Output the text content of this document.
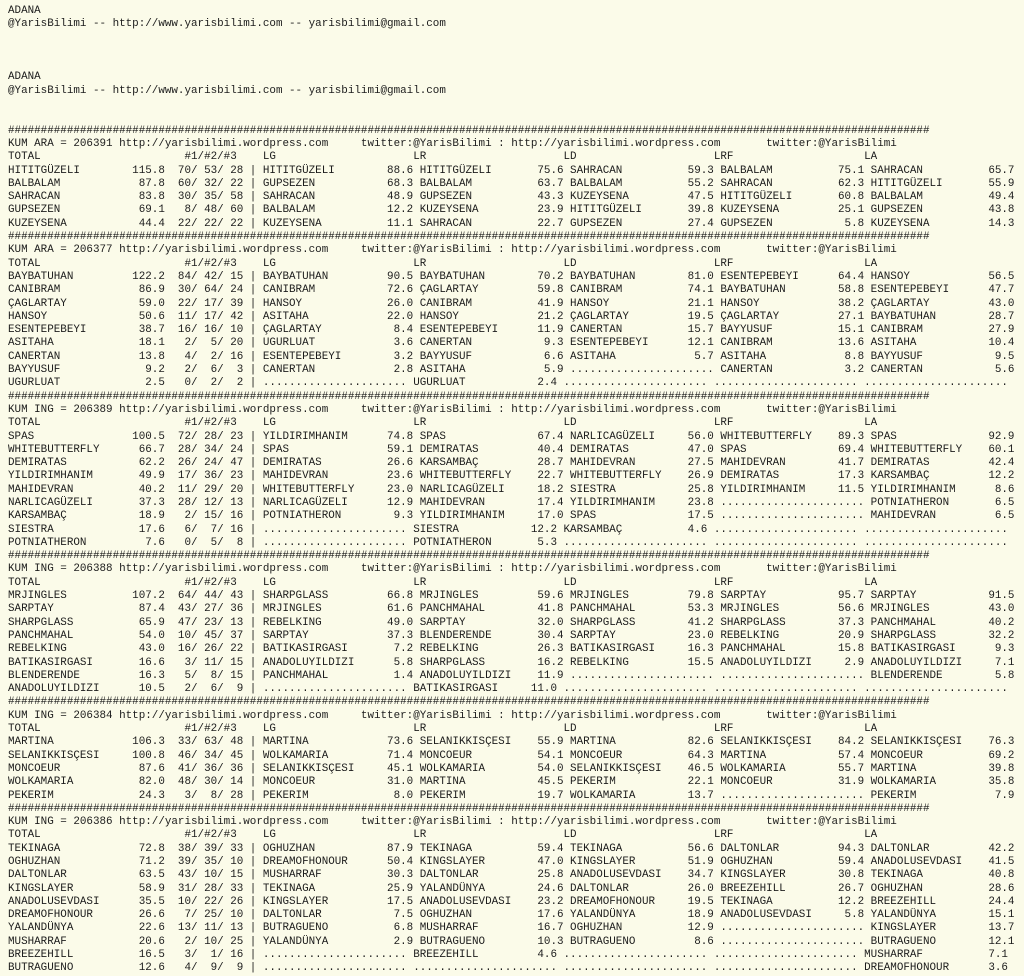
ADANA
@YarisBilimi -- http://www.yarisbilimi.com -- yarisbilimi@gmail.com

ADANA
@YarisBilimi -- http://www.yarisbilimi.com -- yarisbilimi@gmail.com

#############################################################################################################################################
KUM ARA = 206391 http://yarisbilimi.wordpress.com     twitter:@YarisBilimi : http://yarisbilimi.wordpress.com       twitter:@YarisBilimi
TOTAL                      #1/#2/#3    LG                     LR                     LD                     LRF                    LA
HITITGÜZELI        115.8  70/ 53/ 28 | HITITGÜZELI        88.6 HITITGÜZELI       75.6 SAHRACAN          59.3 BALBALAM          75.1 SAHRACAN          65.7
BALBALAM            87.8  60/ 32/ 22 | GUPSEZEN           68.3 BALBALAM          63.7 BALBALAM          55.2 SAHRACAN          62.3 HITITGÜZELI       55.9
SAHRACAN            83.8  30/ 35/ 58 | SAHRACAN           48.9 GUPSEZEN          43.3 KUZEYSENA         47.5 HITITGÜZELI       60.8 BALBALAM          49.4
GUPSEZEN            69.1   8/ 48/ 60 | BALBALAM           12.2 KUZEYSENA         23.9 HITITGÜZELI       39.8 KUZEYSENA         25.1 GUPSEZEN          43.8
KUZEYSENA           44.4  22/ 22/ 22 | KUZEYSENA          11.1 SAHRACAN          22.7 GUPSEZEN          27.4 GUPSEZEN           5.8 KUZEYSENA         14.3
#############################################################################################################################################
KUM ARA = 206377 http://yarisbilimi.wordpress.com     twitter:@YarisBilimi : http://yarisbilimi.wordpress.com       twitter:@YarisBilimi
TOTAL                      #1/#2/#3    LG                     LR                     LD                     LRF                    LA
BAYBATUHAN         122.2  84/ 42/ 15 | BAYBATUHAN         90.5 BAYBATUHAN        70.2 BAYBATUHAN        81.0 ESENTEPEBEYI      64.4 HANSOY            56.5
CANIBRAM            86.9  30/ 64/ 24 | CANIBRAM           72.6 ÇAGLARTAY         59.8 CANIBRAM          74.1 BAYBATUHAN        58.8 ESENTEPEBEYI      47.7
ÇAGLARTAY           59.0  22/ 17/ 39 | HANSOY             26.0 CANIBRAM          41.9 HANSOY            21.1 HANSOY            38.2 ÇAGLARTAY         43.0
HANSOY              50.6  11/ 17/ 42 | ASITAHA            22.0 HANSOY            21.2 ÇAGLARTAY         19.5 ÇAGLARTAY         27.1 BAYBATUHAN        28.7
ESENTEPEBEYI        38.7  16/ 16/ 10 | ÇAGLARTAY           8.4 ESENTEPEBEYI      11.9 CANERTAN          15.7 BAYYUSUF          15.1 CANIBRAM          27.9
ASITAHA             18.1   2/  5/ 20 | UGURLUAT            3.6 CANERTAN           9.3 ESENTEPEBEYI      12.1 CANIBRAM          13.6 ASITAHA           10.4
CANERTAN            13.8   4/  2/ 16 | ESENTEPEBEYI        3.2 BAYYUSUF           6.6 ASITAHA            5.7 ASITAHA            8.8 BAYYUSUF           9.5
BAYYUSUF             9.2   2/  6/  3 | CANERTAN            2.8 ASITAHA            5.9 ...................... CANERTAN           3.2 CANERTAN           5.6
UGURLUAT             2.5   0/  2/  2 | ...................... UGURLUAT           2.4 ...................... ...................... ......................
#############################################################################################################################################
KUM ING = 206389 http://yarisbilimi.wordpress.com     twitter:@YarisBilimi : http://yarisbilimi.wordpress.com       twitter:@YarisBilimi
TOTAL                      #1/#2/#3    LG                     LR                     LD                     LRF                    LA
SPAS               100.5  72/ 28/ 23 | YILDIRIMHANIM      74.8 SPAS              67.4 NARLICAGÜZELI     56.0 WHITEBUTTERFLY    89.3 SPAS              92.9
WHITEBUTTERFLY      66.7  28/ 34/ 24 | SPAS               59.1 DEMIRATAS         40.4 DEMIRATAS         47.0 SPAS              69.4 WHITEBUTTERFLY    60.1
DEMIRATAS           62.2  26/ 24/ 47 | DEMIRATAS          26.6 KARSAMBAÇ         28.7 MAHIDEVRAN        27.5 MAHIDEVRAN        41.7 DEMIRATAS         42.4
YILDIRIMHANIM       49.9  17/ 36/ 23 | MAHIDEVRAN         23.6 WHITEBUTTERFLY    22.7 WHITEBUTTERFLY    26.9 DEMIRATAS         17.3 KARSAMBAÇ         12.2
MAHIDEVRAN          40.2  11/ 29/ 20 | WHITEBUTTERFLY     23.0 NARLICAGÜZELI     18.2 SIESTRA           25.8 YILDIRIMHANIM     11.5 YILDIRIMHANIM      8.6
NARLICAGÜZELI       37.3  28/ 12/ 13 | NARLICAGÜZELI      12.9 MAHIDEVRAN        17.4 YILDIRIMHANIM     23.8 ...................... POTNIATHERON       6.5
KARSAMBAÇ           18.9   2/ 15/ 16 | POTNIATHERON        9.3 YILDIRIMHANIM     17.0 SPAS              17.5 ...................... MAHIDEVRAN         6.5
SIESTRA             17.6   6/  7/ 16 | ...................... SIESTRA           12.2 KARSAMBAÇ          4.6 ...................... ......................
POTNIATHERON         7.6   0/  5/  8 | ...................... POTNIATHERON       5.3 ...................... ...................... ......................
#############################################################################################################################################
KUM ING = 206388 http://yarisbilimi.wordpress.com     twitter:@YarisBilimi : http://yarisbilimi.wordpress.com       twitter:@YarisBilimi
TOTAL                      #1/#2/#3    LG                     LR                     LD                     LRF                    LA
MRJINGLES          107.2  64/ 44/ 43 | SHARPGLASS         66.8 MRJINGLES         59.6 MRJINGLES         79.8 SARPTAY           95.7 SARPTAY           91.5
SARPTAY             87.4  43/ 27/ 36 | MRJINGLES          61.6 PANCHMAHAL        41.8 PANCHMAHAL        53.3 MRJINGLES         56.6 MRJINGLES         43.0
SHARPGLASS          65.9  47/ 23/ 13 | REBELKING          49.0 SARPTAY           32.0 SHARPGLASS        41.2 SHARPGLASS        37.3 PANCHMAHAL        40.2
PANCHMAHAL          54.0  10/ 45/ 37 | SARPTAY            37.3 BLENDERENDE       30.4 SARPTAY           23.0 REBELKING         20.9 SHARPGLASS        32.2
REBELKING           43.0  16/ 26/ 22 | BATIKASIRGASI       7.2 REBELKING         26.3 BATIKASIRGASI     16.3 PANCHMAHAL        15.8 BATIKASIRGASI      9.3
BATIKASIRGASI       16.6   3/ 11/ 15 | ANADOLUYILDIZI      5.8 SHARPGLASS        16.2 REBELKING         15.5 ANADOLUYILDIZI     2.9 ANADOLUYILDIZI     7.1
BLENDERENDE         16.3   5/  8/ 15 | PANCHMAHAL          1.4 ANADOLUYILDIZI    11.9 ...................... ...................... BLENDERENDE        5.8
ANADOLUYILDIZI      10.5   2/  6/  9 | ...................... BATIKASIRGASI     11.0 ...................... ...................... ......................
#############################################################################################################################################
KUM ING = 206384 http://yarisbilimi.wordpress.com     twitter:@YarisBilimi : http://yarisbilimi.wordpress.com       twitter:@YarisBilimi
TOTAL                      #1/#2/#3    LG                     LR                     LD                     LRF                    LA
MARTINA            106.3  33/ 63/ 48 | MARTINA            73.6 SELANIKKISÇESI    55.9 MARTINA           82.6 SELANIKKISÇESI    84.2 SELANIKKISÇESI    76.3
SELANIKKISÇESI     100.8  46/ 34/ 45 | WOLKAMARIA         71.4 MONCOEUR          54.1 MONCOEUR          64.3 MARTINA           57.4 MONCOEUR          69.2
MONCOEUR            87.6  41/ 36/ 36 | SELANIKKISÇESI     45.1 WOLKAMARIA        54.0 SELANIKKISÇESI    46.5 WOLKAMARIA        55.7 MARTINA           39.8
WOLKAMARIA          82.0  48/ 30/ 14 | MONCOEUR           31.0 MARTINA           45.5 PEKERIM           22.1 MONCOEUR          31.9 WOLKAMARIA        35.8
PEKERIM             24.3   3/  8/ 28 | PEKERIM             8.0 PEKERIM           19.7 WOLKAMARIA        13.7 ...................... PEKERIM            7.9
#############################################################################################################################################
KUM ING = 206386 http://yarisbilimi.wordpress.com     twitter:@YarisBilimi : http://yarisbilimi.wordpress.com       twitter:@YarisBilimi
TOTAL                      #1/#2/#3    LG                     LR                     LD                     LRF                    LA
TEKINAGA            72.8  38/ 39/ 33 | OGHUZHAN           87.9 TEKINAGA          59.4 TEKINAGA          56.6 DALTONLAR         94.3 DALTONLAR         42.2
OGHUZHAN            71.2  39/ 35/ 10 | DREAMOFHONOUR      50.4 KINGSLAYER        47.0 KINGSLAYER        51.9 OGHUZHAN          59.4 ANADOLUSEVDASI    41.5
DALTONLAR           63.5  43/ 10/ 15 | MUSHARRAF          30.3 DALTONLAR         25.8 ANADOLUSEVDASI    34.7 KINGSLAYER        30.8 TEKINAGA          40.8
KINGSLAYER          58.9  31/ 28/ 33 | TEKINAGA           25.9 YALANDÜNYA        24.6 DALTONLAR         26.0 BREEZEHILL        26.7 OGHUZHAN          28.6
ANADOLUSEVDASI      35.5  10/ 22/ 26 | KINGSLAYER         17.5 ANADOLUSEVDASI    23.2 DREAMOFHONOUR     19.5 TEKINAGA          12.2 BREEZEHILL        24.4
DREAMOFHONOUR       26.6   7/ 25/ 10 | DALTONLAR           7.5 OGHUZHAN          17.6 YALANDÜNYA        18.9 ANADOLUSEVDASI     5.8 YALANDÜNYA        15.1
YALANDÜNYA          22.6  13/ 11/ 13 | BUTRAGUENO          6.8 MUSHARRAF         16.7 OGHUZHAN          12.9 ...................... KINGSLAYER        13.7
MUSHARRAF           20.6   2/ 10/ 25 | YALANDÜNYA          2.9 BUTRAGUENO        10.3 BUTRAGUENO         8.6 ...................... BUTRAGUENO        12.1
BREEZEHILL          16.5   3/  1/ 16 | ...................... BREEZEHILL         4.6 ...................... ...................... MUSHARRAF          7.1
BUTRAGUENO          12.6   4/  9/  9 | ...................... ...................... ...................... ...................... DREAMOFHONOUR      3.6
